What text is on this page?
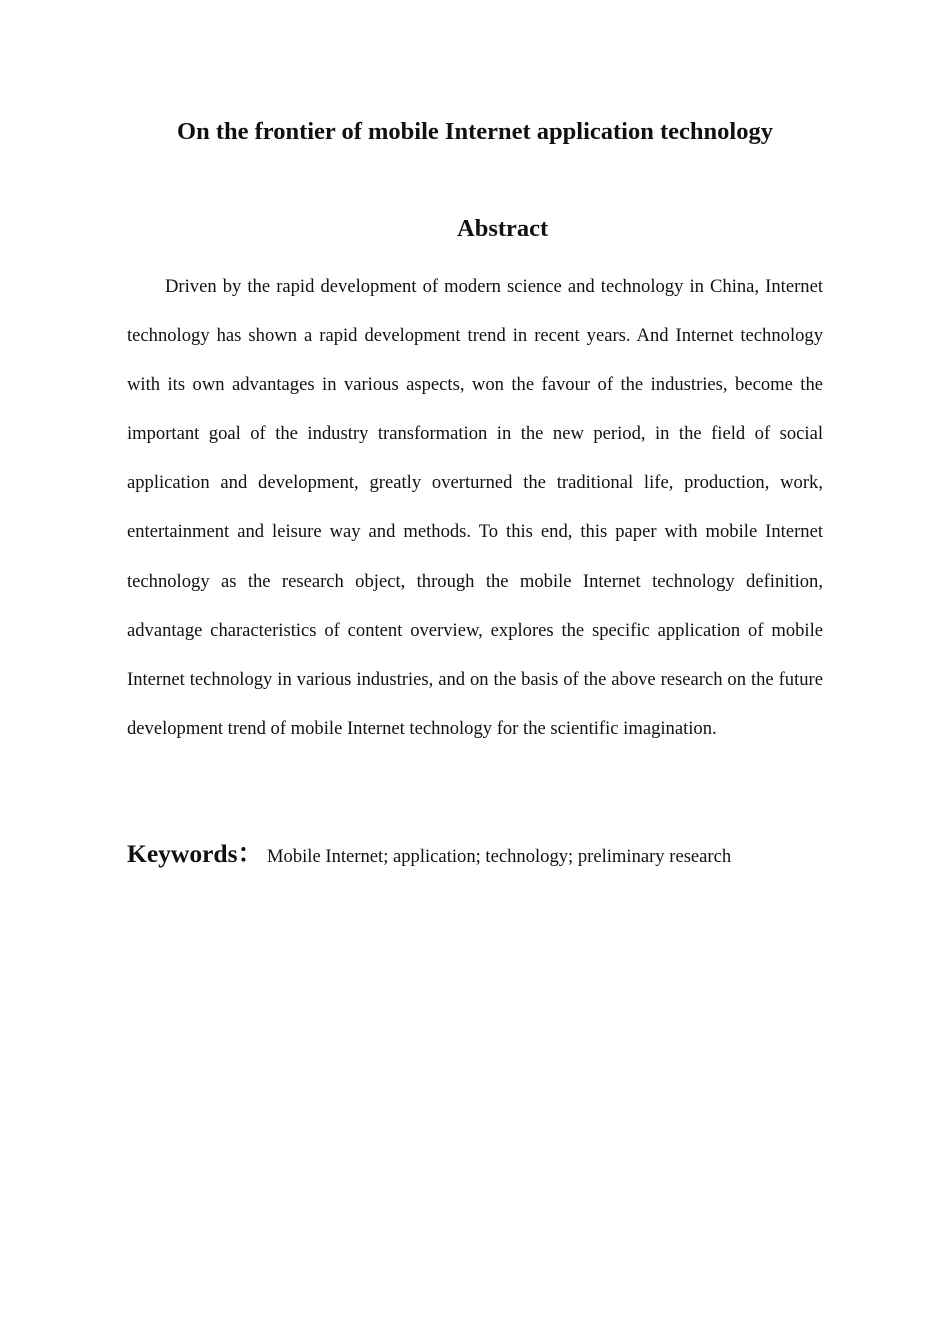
On the frontier of mobile Internet application technology
Abstract

Driven by the rapid development of modern science and technology in China, Internet technology has shown a rapid development trend in recent years. And Internet technology with its own advantages in various aspects, won the favour of the industries, become the important goal of the industry transformation in the new period, in the field of social application and development, greatly overturned the traditional life, production, work, entertainment and leisure way and methods. To this end, this paper with mobile Internet technology as the research object, through the mobile Internet technology definition, advantage characteristics of content overview, explores the specific application of mobile Internet technology in various industries, and on the basis of the above research on the future development trend of mobile Internet technology for the scientific imagination.

Keywords： Mobile Internet; application; technology; preliminary research
